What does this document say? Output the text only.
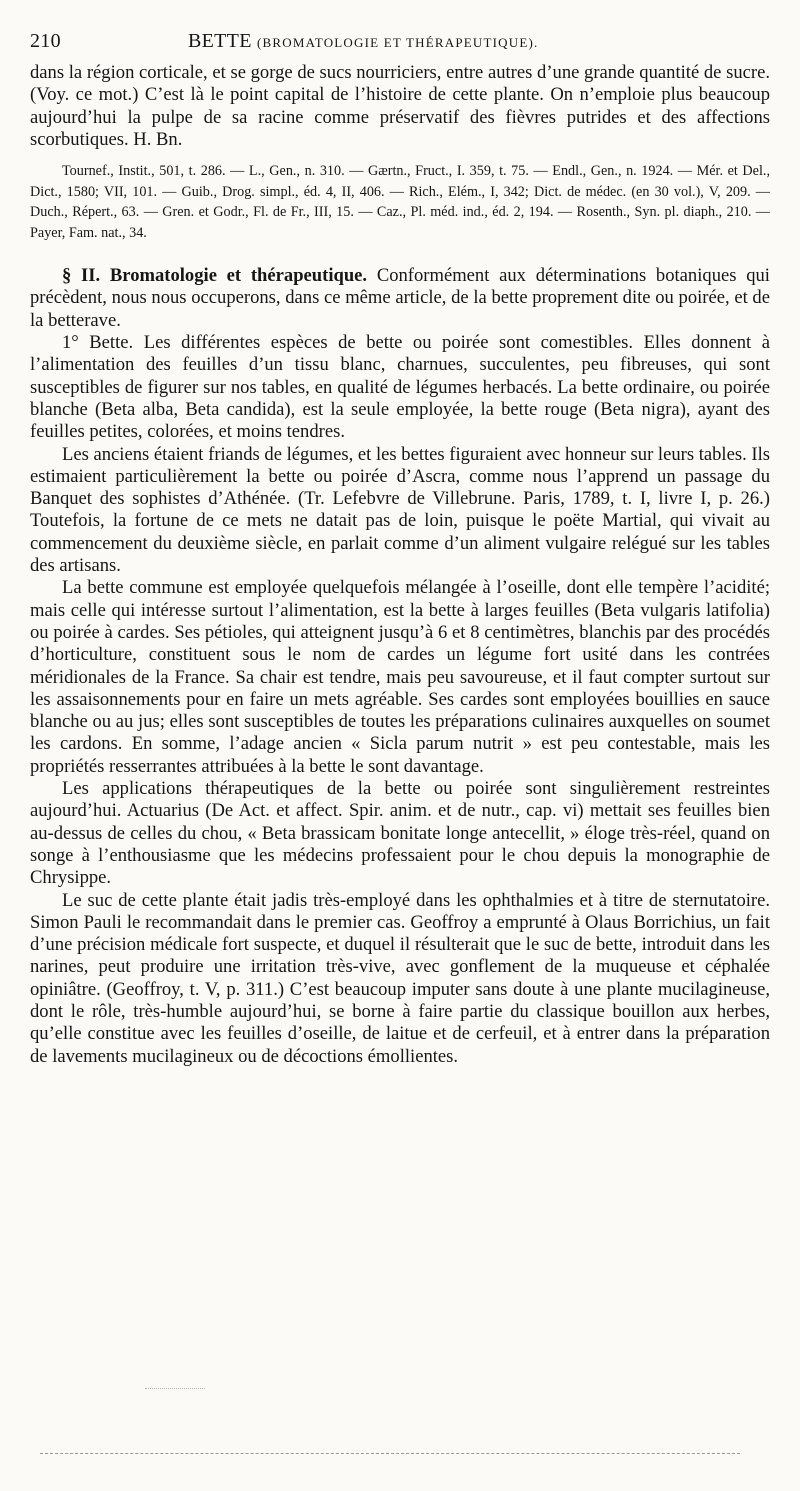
210	BETTE (BROMATOLOGIE ET THÉRAPEUTIQUE).

dans la région corticale, et se gorge de sucs nourriciers, entre autres d’une grande quantité de sucre. (Voy. ce mot.) C’est là le point capital de l’histoire de cette plante. On n’emploie plus beaucoup aujourd’hui la pulpe de sa racine comme préservatif des fièvres putrides et des affections scorbutiques. H. Bn.

Tournef., Instit., 501, t. 286. — L., Gen., n. 310. — Gærtn., Fruct., I. 359, t. 75. — Endl., Gen., n. 1924. — Mér. et Del., Dict., 1580; VII, 101. — Guib., Drog. simpl., éd. 4, II, 406. — Rich., Elém., I, 342; Dict. de médec. (en 30 vol.), V, 209. — Duch., Répert., 63. — Gren. et Godr., Fl. de Fr., III, 15. — Caz., Pl. méd. ind., éd. 2, 194. — Rosenth., Syn. pl. diaph., 210. — Payer, Fam. nat., 34.

§ II. Bromatologie et thérapeutique. Conformément aux déterminations botaniques qui précèdent, nous nous occuperons, dans ce même article, de la bette proprement dite ou poirée, et de la betterave.

1° Bette. Les différentes espèces de bette ou poirée sont comestibles. Elles donnent à l’alimentation des feuilles d’un tissu blanc, charnues, succulentes, peu fibreuses, qui sont susceptibles de figurer sur nos tables, en qualité de légumes herbacés. La bette ordinaire, ou poirée blanche (Beta alba, Beta candida), est la seule employée, la bette rouge (Beta nigra), ayant des feuilles petites, colorées, et moins tendres.

Les anciens étaient friands de légumes, et les bettes figuraient avec honneur sur leurs tables. Ils estimaient particulièrement la bette ou poirée d’Ascra, comme nous l’apprend un passage du Banquet des sophistes d’Athénée. (Tr. Lefebvre de Villebrune. Paris, 1789, t. I, livre I, p. 26.) Toutefois, la fortune de ce mets ne datait pas de loin, puisque le poëte Martial, qui vivait au commencement du deuxième siècle, en parlait comme d’un aliment vulgaire relégué sur les tables des artisans.

La bette commune est employée quelquefois mélangée à l’oseille, dont elle tempère l’acidité; mais celle qui intéresse surtout l’alimentation, est la bette à larges feuilles (Beta vulgaris latifolia) ou poirée à cardes. Ses pétioles, qui atteignent jusqu’à 6 et 8 centimètres, blanchis par des procédés d’horticulture, constituent sous le nom de cardes un légume fort usité dans les contrées méridionales de la France. Sa chair est tendre, mais peu savoureuse, et il faut compter surtout sur les assaisonnements pour en faire un mets agréable. Ses cardes sont employées bouillies en sauce blanche ou au jus; elles sont susceptibles de toutes les préparations culinaires auxquelles on soumet les cardons. En somme, l’adage ancien « Sicla parum nutrit » est peu contestable, mais les propriétés resserrantes attribuées à la bette le sont davantage.

Les applications thérapeutiques de la bette ou poirée sont singulièrement restreintes aujourd’hui. Actuarius (De Act. et affect. Spir. anim. et de nutr., cap. vi) mettait ses feuilles bien au-dessus de celles du chou, « Beta brassicam bonitate longe antecellit, » éloge très-réel, quand on songe à l’enthousiasme que les médecins professaient pour le chou depuis la monographie de Chrysippe.

Le suc de cette plante était jadis très-employé dans les ophthalmies et à titre de sternutatoire. Simon Pauli le recommandait dans le premier cas. Geoffroy a emprunté à Olaus Borrichius, un fait d’une précision médicale fort suspecte, et duquel il résulterait que le suc de bette, introduit dans les narines, peut produire une irritation très-vive, avec gonflement de la muqueuse et céphalée opiniâtre. (Geoffroy, t. V, p. 311.) C’est beaucoup imputer sans doute à une plante mucilagineuse, dont le rôle, très-humble aujourd’hui, se borne à faire partie du classique bouillon aux herbes, qu’elle constitue avec les feuilles d’oseille, de laitue et de cerfeuil, et à entrer dans la préparation de lavements mucilagineux ou de décoctions émollientes.
